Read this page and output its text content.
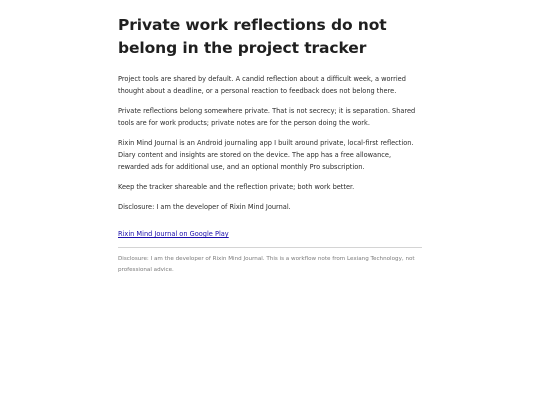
Private work reflections do not belong in the project tracker

Project tools are shared by default. A candid reflection about a difficult week, a worried thought about a deadline, or a personal reaction to feedback does not belong there.

Private reflections belong somewhere private. That is not secrecy; it is separation. Shared tools are for work products; private notes are for the person doing the work.

Rixin Mind Journal is an Android journaling app I built around private, local-first reflection. Diary content and insights are stored on the device. The app has a free allowance, rewarded ads for additional use, and an optional monthly Pro subscription.

Keep the tracker shareable and the reflection private; both work better.

Disclosure: I am the developer of Rixin Mind Journal.

Rixin Mind Journal on Google Play

Disclosure: I am the developer of Rixin Mind Journal. This is a workflow note from Lexiang Technology, not professional advice.
